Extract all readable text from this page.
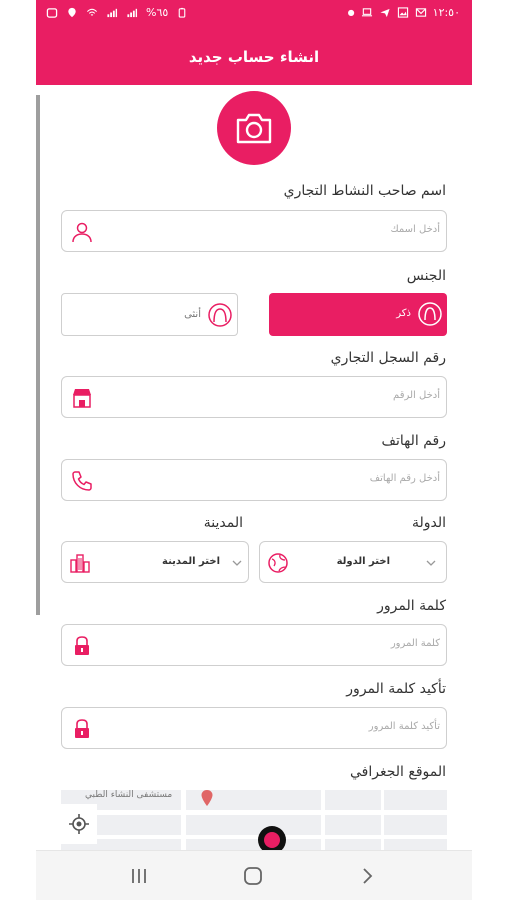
%٦٥	●	١٢:٥٠
انشاء حساب جديد
اسم صاحب النشاط التجاري
أدخل اسمك
الجنس
ذكر
أنثى
رقم السجل التجاري
أدخل الرقم
رقم الهاتف
أدخل رقم الهاتف
الدولة
المدينة
اختر الدولة
اختر المدينة
كلمة المرور
كلمة المرور
تأكيد كلمة المرور
تأكيد كلمة المرور
الموقع الجغرافي
مستشفى النشاء الطبي
